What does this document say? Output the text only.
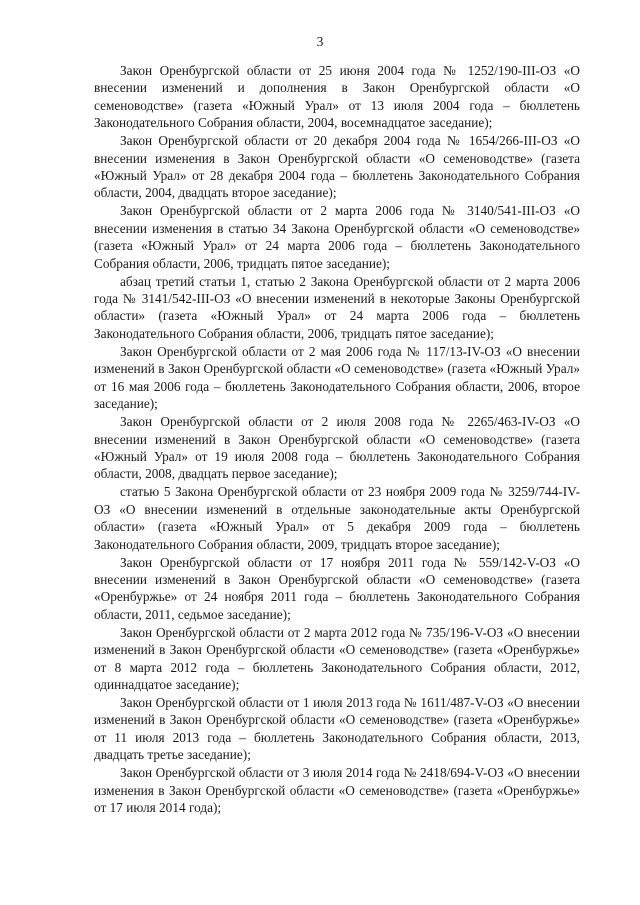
3

Закон Оренбургской области от 25 июня 2004 года № 1252/190-III-ОЗ «О внесении изменений и дополнения в Закон Оренбургской области «О семеноводстве» (газета «Южный Урал» от 13 июля 2004 года – бюллетень Законодательного Собрания области, 2004, восемнадцатое заседание);

Закон Оренбургской области от 20 декабря 2004 года № 1654/266-III-ОЗ «О внесении изменения в Закон Оренбургской области «О семеноводстве» (газета «Южный Урал» от 28 декабря 2004 года – бюллетень Законодательного Собрания области, 2004, двадцать второе заседание);

Закон Оренбургской области от 2 марта 2006 года № 3140/541-III-ОЗ «О внесении изменения в статью 34 Закона Оренбургской области «О семеноводстве» (газета «Южный Урал» от 24 марта 2006 года – бюллетень Законодательного Собрания области, 2006, тридцать пятое заседание);

абзац третий статьи 1, статью 2 Закона Оренбургской области от 2 марта 2006 года № 3141/542-III-ОЗ «О внесении изменений в некоторые Законы Оренбургской области» (газета «Южный Урал» от 24 марта 2006 года – бюллетень Законодательного Собрания области, 2006, тридцать пятое заседание);

Закон Оренбургской области от 2 мая 2006 года № 117/13-IV-ОЗ «О внесении изменений в Закон Оренбургской области «О семеноводстве» (газета «Южный Урал» от 16 мая 2006 года – бюллетень Законодательного Собрания области, 2006, второе заседание);

Закон Оренбургской области от 2 июля 2008 года № 2265/463-IV-ОЗ «О внесении изменений в Закон Оренбургской области «О семеноводстве» (газета «Южный Урал» от 19 июля 2008 года – бюллетень Законодательного Собрания области, 2008, двадцать первое заседание);

статью 5 Закона Оренбургской области от 23 ноября 2009 года № 3259/744-IV-ОЗ «О внесении изменений в отдельные законодательные акты Оренбургской области» (газета «Южный Урал» от 5 декабря 2009 года – бюллетень Законодательного Собрания области, 2009, тридцать второе заседание);

Закон Оренбургской области от 17 ноября 2011 года № 559/142-V-ОЗ «О внесении изменений в Закон Оренбургской области «О семеноводстве» (газета «Оренбуржье» от 24 ноября 2011 года – бюллетень Законодательного Собрания области, 2011, седьмое заседание);

Закон Оренбургской области от 2 марта 2012 года № 735/196-V-ОЗ «О внесении изменений в Закон Оренбургской области «О семеноводстве» (газета «Оренбуржье» от 8 марта 2012 года – бюллетень Законодательного Собрания области, 2012, одиннадцатое заседание);

Закон Оренбургской области от 1 июля 2013 года № 1611/487-V-ОЗ «О внесении изменений в Закон Оренбургской области «О семеноводстве» (газета «Оренбуржье» от 11 июля 2013 года – бюллетень Законодательного Собрания области, 2013, двадцать третье заседание);

Закон Оренбургской области от 3 июля 2014 года № 2418/694-V-ОЗ «О внесении изменения в Закон Оренбургской области «О семеноводстве» (газета «Оренбуржье» от 17 июля 2014 года);
